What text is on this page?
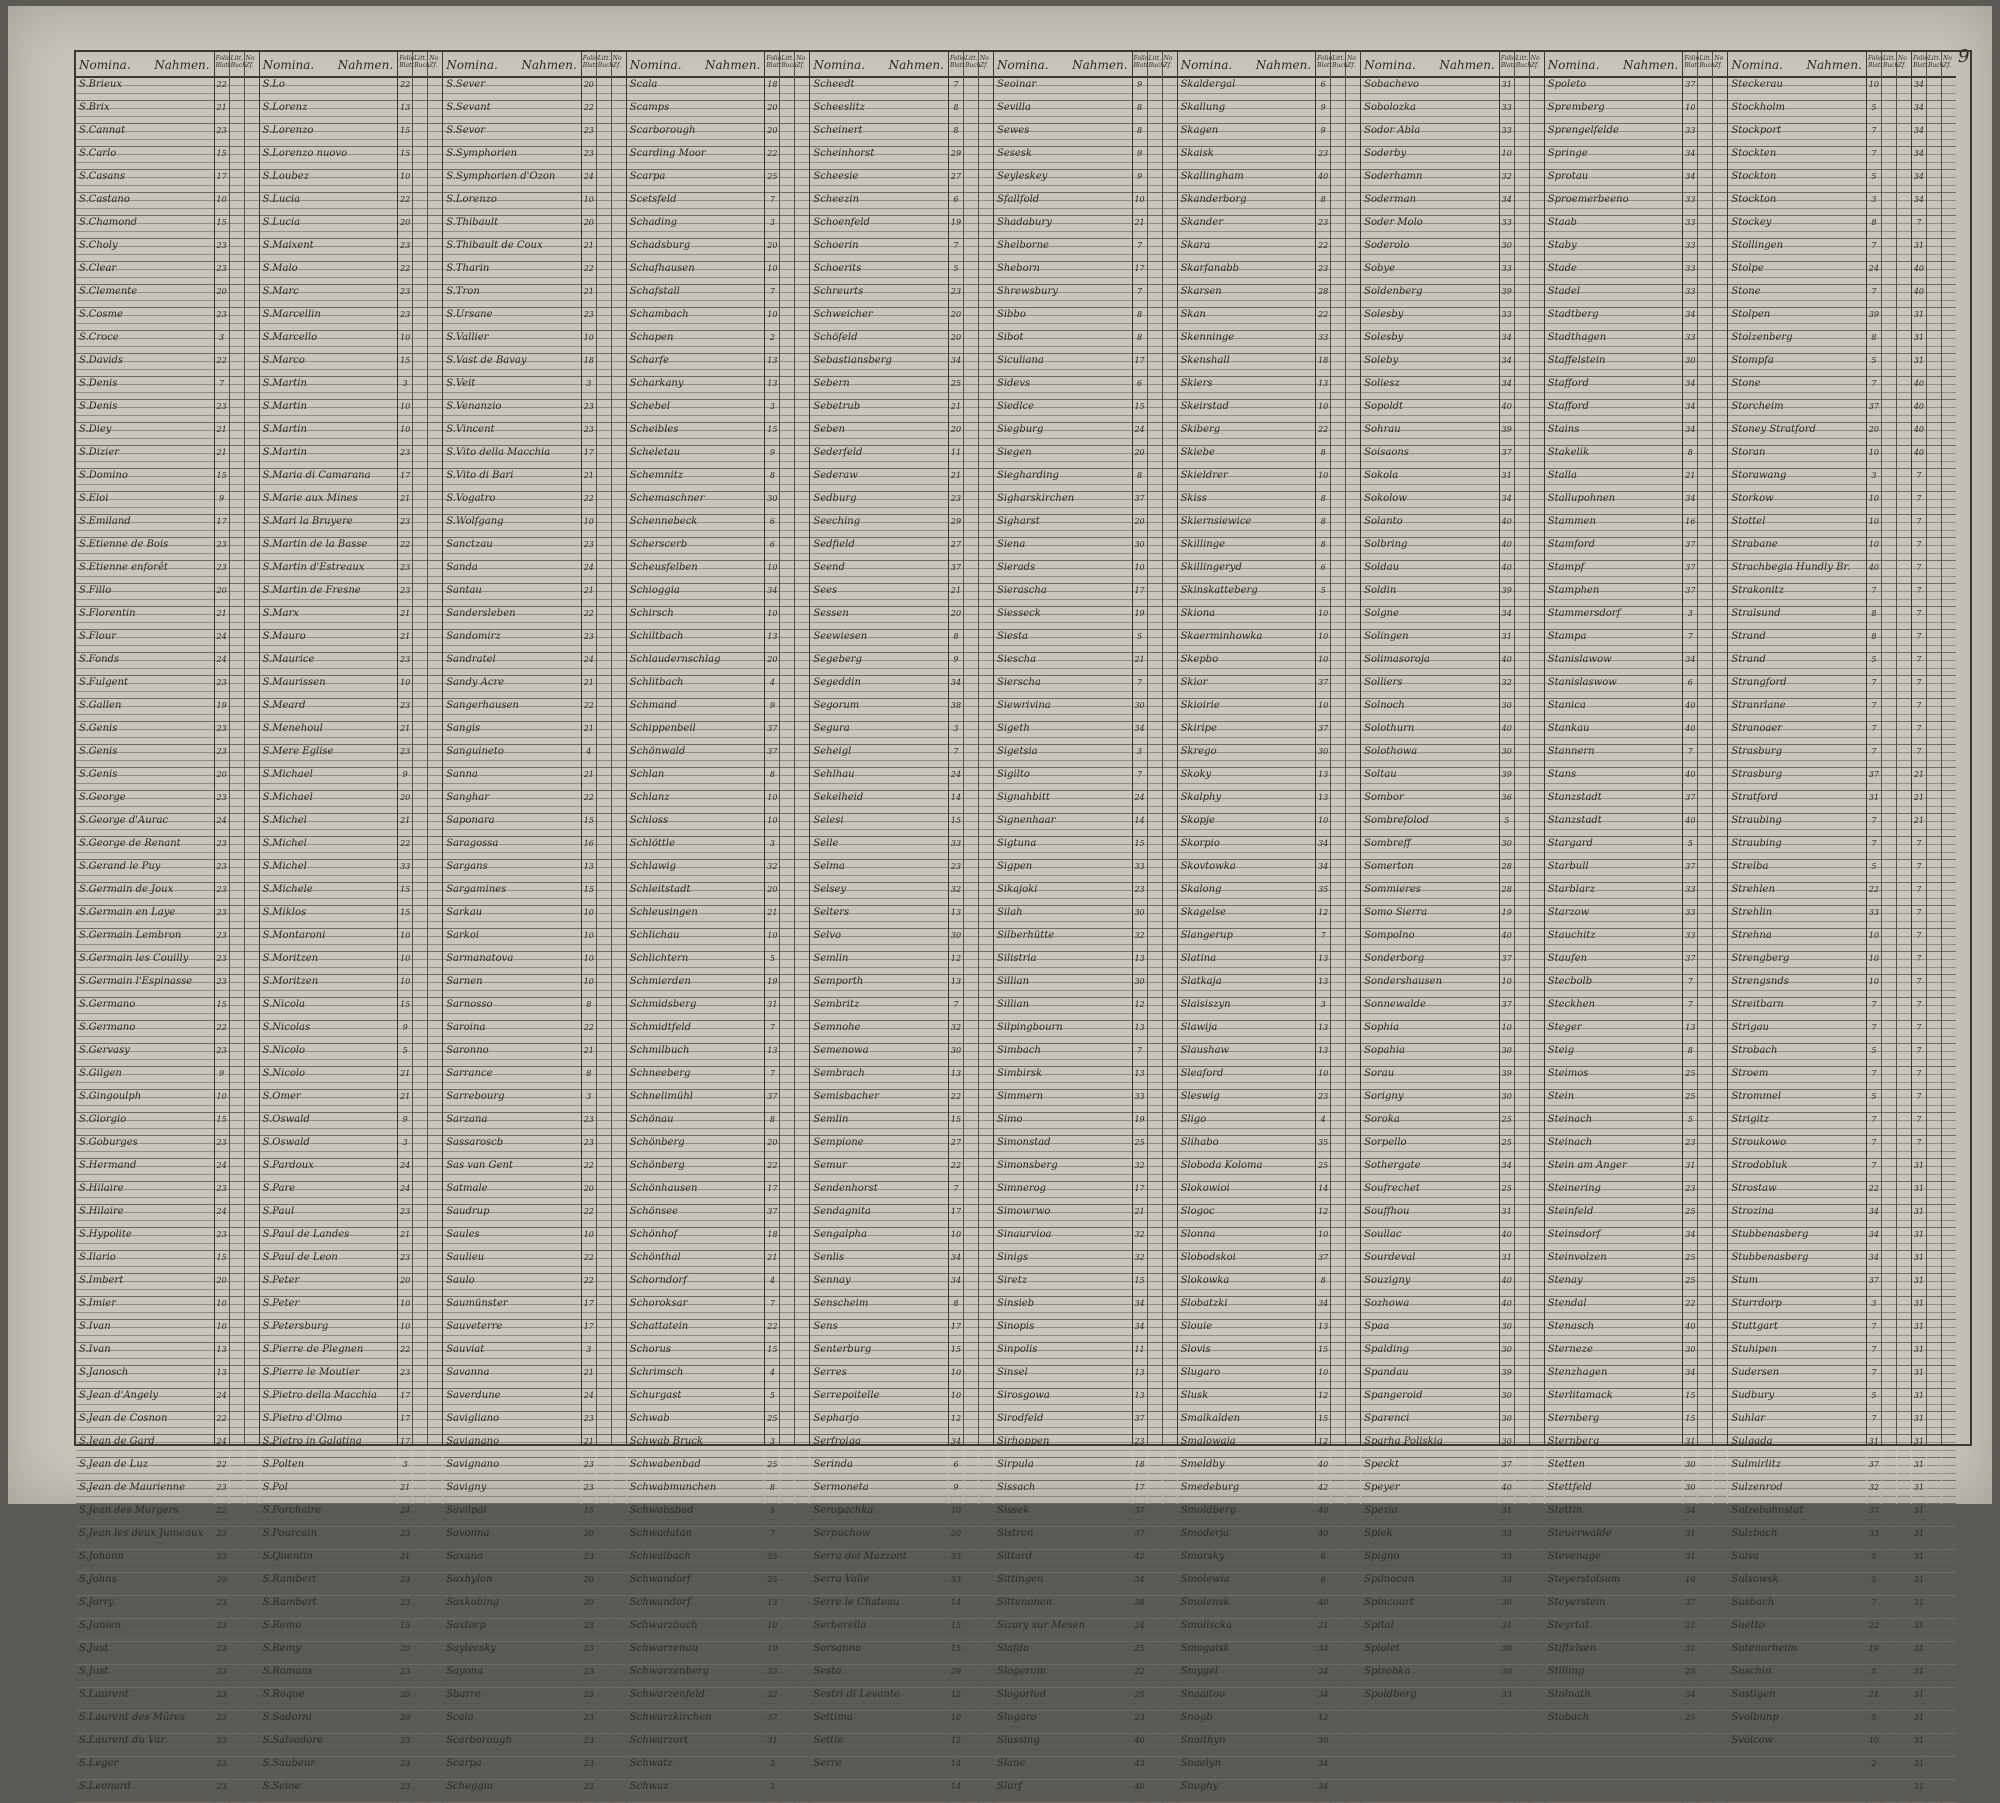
9
Nomina. Nahmen.
S.Brieux
S.Brix
S.Cannat
S.Carlo
S.Casans
S.Castano
S.Chamond
S.Choly
S.Clear
S.Clemente
S.Cosme
S.Croce
S.Davids
S.Denis
S.Denis
S.Diey
S.Dizier
S.Domino
S.Eloi
S.Emiland
S.Etienne de Bois
S.Etienne enforêt
S.Fillo
S.Florentin
S.Flour
S.Fonds
S.Fulgent
S.Gallen
S.Genis
S.Genis
S.Genis
S.George
S.George d'Aurac
S.George de Renant
S.Gerand le Puy
S.Germain de Joux
S.Germain en Laye
S.Germain Lembron
S.Germain les Couilly
S.Germain l'Espinasse
S.Germano
S.Germano
S.Gervasy
S.Gilgen
S.Gingoulph
S.Giorgio
S.Goburges
S.Hermand
S.Hilaire
S.Hilaire
S.Hypolite
S.Ilario
S.Imbert
S.Imier
S.Ivan
S.Ivan
S.Janosch
S.Jean d'Angely
S.Jean de Cosnon
S.Jean de Gard
S.Jean de Luz
S.Jean de Maurienne
S.Jean des Murgers
S.Jean les deux Jumeaux
S.Johann
S.Johns
S.Jorry
S.Junien
S.Just
S.Just
S.Laurent
S.Laurent des Mûres
S.Laurent du Var
S.Leger
S.Leonard
Folio Blatt
22
21
23
15
17
10
15
23
23
20
23
3
22
7
23
21
21
15
9
17
23
23
20
21
24
24
23
19
23
23
20
23
24
23
23
23
23
23
23
23
15
22
23
9
10
15
23
24
23
24
23
15
20
10
10
13
13
24
22
24
22
23
22
23
23
20
23
23
23
23
23
23
23
23
23
Litt. Buch
No Zf. Nomina. Nahmen.
S.Lo
S.Lorenz
S.Lorenzo
S.Lorenzo nuovo
S.Loubez
S.Lucia
S.Lucia
S.Maixent
S.Malo
S.Marc
S.Marcellin
S.Marcello
S.Marco
S.Martin
S.Martin
S.Martin
S.Martin
S.Maria di Camarana
S.Marie aux Mines
S.Mari la Bruyere
S.Martin de la Basse
S.Martin d'Estreaux
S.Martin de Fresne
S.Marx
S.Mauro
S.Maurice
S.Maurissen
S.Meard
S.Menehoul
S.Mere Eglise
S.Michael
S.Michael
S.Michel
S.Michel
S.Michel
S.Michele
S.Miklos
S.Montaroni
S.Moritzen
S.Moritzen
S.Nicola
S.Nicolas
S.Nicolo
S.Nicolo
S.Omer
S.Oswald
S.Oswald
S.Pardoux
S.Pare
S.Paul
S.Paul de Landes
S.Paul de Leon
S.Peter
S.Peter
S.Petersburg
S.Pierre de Plegnen
S.Pierre le Moutier
S.Pietro della Macchia
S.Pietro d'Olmo
S.Pietro in Galatina
S.Polten
S.Pol
S.Porchaire
S.Pourcain
S.Quentin
S.Rambert
S.Rambert
S.Remo
S.Remy
S.Romans
S.Roque
S.Sadorni
S.Salvadore
S.Saubeur
S.Seine
Folio Blatt
22
13
15
15
10
22
20
23
22
23
23
10
15
3
10
10
23
17
21
23
22
23
23
21
21
23
10
23
21
23
9
20
21
22
33
15
15
10
10
10
15
9
5
21
21
9
3
24
24
23
21
23
20
10
10
22
23
17
17
17
3
21
24
23
21
23
23
15
20
23
20
20
23
23
23
Litt. Buch
No Zf. Nomina. Nahmen.
S.Sever
S.Sevant
S.Sevor
S.Symphorien
S.Symphorien d'Ozon
S.Lorenzo
S.Thibault
S.Thibault de Coux
S.Tharin
S.Tron
S.Ursane
S.Vallier
S.Vast de Bavay
S.Veit
S.Venanzio
S.Vincent
S.Vito della Macchia
S.Vito di Bari
S.Vogatro
S.Wolfgang
Sanctzau
Sanda
Santau
Sandersleben
Sandomirz
Sandratel
Sandy Acre
Sangerhausen
Sangis
Sanguineto
Sanna
Sanghar
Saponara
Saragossa
Sargans
Sargamines
Sarkau
Sarkoi
Sarmanatova
Sarnen
Sarnosso
Saroina
Saronno
Sarrance
Sarrebourg
Sarzana
Sassaroscb
Sas van Gent
Satmale
Saudrup
Saules
Saulieu
Saulo
Saumünster
Sauveterre
Sauviat
Savanna
Saverdune
Savigliano
Savignano
Savignano
Savigny
Savilpal
Savonna
Saxana
Saxhylon
Saxkobing
Saxtorp
Saylecsky
Sayona
Sbarre
Scala
Scarborough
Scarpa
Scheggia
Folio Blatt
20
22
23
23
24
10
20
21
22
21
23
10
18
3
23
23
17
21
22
10
23
24
21
22
23
24
21
22
21
4
21
22
15
16
13
15
10
10
10
10
8
22
21
8
3
23
23
22
20
22
10
22
22
17
17
3
21
24
23
21
23
23
15
20
23
20
20
23
23
23
23
23
23
23
23
Litt. Buch
No Zf. Nomina. Nahmen.
Scala
Scamps
Scarborough
Scarding Moor
Scarpa
Scetsfeld
Schading
Schadsburg
Schafhausen
Schafstall
Schambach
Schapen
Scharfe
Scharkany
Schebel
Scheibles
Scheletau
Schemnitz
Schemaschner
Schennebeck
Scherscerb
Scheusfelben
Schioggia
Schirsch
Schiltbach
Schlaudernschlag
Schlitbach
Schmand
Schippenbeil
Schönwald
Schlan
Schlanz
Schloss
Schlöttle
Schlawig
Schleitstadt
Schleusingen
Schlichau
Schlichtern
Schmierden
Schmidsberg
Schmidtfeld
Schmilbuch
Schneeberg
Schnelimühl
Schönau
Schönberg
Schönberg
Schönhausen
Schönsee
Schönhof
Schönthal
Schorndorf
Schoroksar
Schattatein
Schorus
Schrimsch
Schurgast
Schwab
Schwab Bruck
Schwabenbad
Schwabmunchen
Schwabsbad
Schwadatan
Schwalbach
Schwandorf
Schwandorf
Schwarzbach
Schwarzenau
Schwarzenberg
Schwarzenfeld
Schwarzkirchen
Schwarzort
Schwatz
Schwaz
Folio Blatt
18
20
20
22
25
7
3
20
10
7
10
2
13
13
3
15
9
8
30
6
6
10
34
10
13
20
4
9
37
37
8
10
10
3
32
20
21
10
5
19
31
7
13
7
37
8
20
22
17
37
18
21
4
7
22
15
4
5
25
3
25
8
5
7
25
25
13
10
19
33
32
37
31
3
3
Litt. Buch
No Zf. Nomina. Nahmen.
Scheedt
Scheeslitz
Scheinert
Scheinhorst
Scheesie
Scheezin
Schoenfeld
Schoerin
Schoerits
Schreurts
Schweicher
Schöfeld
Sebastiansberg
Sebern
Sebetrub
Seben
Sederfeld
Sederaw
Sedburg
Seeching
Sedfield
Seend
Sees
Sessen
Seewiesen
Segeberg
Segeddin
Segorum
Segura
Seheigl
Sehlhau
Sekelheid
Selesi
Selle
Selma
Selsey
Selters
Selvo
Semlin
Semporth
Sembritz
Semnohe
Semenowa
Sembrach
Semisbacher
Semlin
Sempione
Semur
Sendenhorst
Sendagnita
Sengalpha
Senlis
Sennay
Senscheim
Sens
Senterburg
Serres
Serrepoitelle
Sepharjo
Serfroiga
Serinda
Sermoneta
Seropachka
Serpuchow
Serra del Mazzont
Serra Valle
Serre le Chateau
Serberella
Sorsanno
Sesto
Sestri di Levante
Settima
Settle
Serre
Folio Blatt
7
8
8
29
27
6
19
7
5
23
20
20
34
25
21
20
11
21
23
29
27
37
21
20
8
9
34
38
3
7
24
14
15
33
23
32
13
30
12
13
7
32
30
13
22
15
27
22
7
17
10
34
34
8
17
15
10
10
12
34
6
9
10
20
33
33
14
15
15
29
12
10
12
14
14
Litt. Buch
No Zf. Nomina. Nahmen.
Seoinar
Sevilla
Sewes
Sesesk
Seyleskey
Sfallfold
Shadabury
Shelborne
Sheborn
Shrewsbury
Sibbo
Sibot
Siculiana
Sidevs
Siedlce
Siegburg
Siegen
Siegharding
Sigharskirchen
Sigharst
Siena
Sierads
Sierascha
Siesseck
Siesta
Siescha
Sierscha
Siewrivina
Sigeth
Sigetsia
Sigilto
Signahbitt
Signenhaar
Sigtuna
Sigpen
Sikajoki
Silah
Silberhütte
Silistria
Sillian
Sillian
Silpingbourn
Simbach
Simbirsk
Simmern
Simo
Simonstad
Simonsberg
Simnerog
Simowrwo
Sinaurvioa
Sinigs
Siretz
Sinsieb
Sinopis
Sinpolis
Sinsel
Sirosgowa
Sirodfeld
Sirhoppen
Sirpula
Sissach
Sissek
Sistron
Sittard
Sittingen
Sittenonen
Sizary sur Mesen
Slafdo
Slogerum
Slogorlud
Slugaro
Slussing
Slane
Slurf
Folio Blatt
9
8
8
9
9
10
21
7
17
7
8
8
17
6
15
24
20
8
37
20
30
10
17
19
5
21
7
30
34
3
7
24
14
15
33
23
30
32
13
30
12
13
7
13
33
19
25
32
17
21
32
32
15
34
34
11
13
13
37
23
18
17
37
37
42
34
38
24
25
22
25
23
40
43
40
Litt. Buch
No Zf. Nomina. Nahmen.
Skaldergal
Skallung
Skagen
Skaisk
Skallingham
Skanderborg
Skander
Skara
Skarfanabb
Skarsen
Skan
Skenninge
Skenshall
Skiers
Skeirstad
Skiberg
Skiebe
Skieldrer
Skiss
Skiernsiewice
Skillinge
Skillingeryd
Skinskatteberg
Skiona
Skaerminhowka
Skepbo
Skior
Skioirie
Skiripe
Skrego
Skoky
Skalphy
Skopje
Skorpio
Skovtowka
Skalong
Skagelse
Slangerup
Slatina
Slatkaja
Slaisiszyn
Slawija
Slaushaw
Sleaford
Sleswig
Sligo
Slihabo
Sloboda Koloma
Slokowioi
Slogoc
Slonna
Slobodskoi
Slokowka
Slobatzki
Slouie
Slovis
Slugaro
Slusk
Smalkalden
Smalowaja
Smeldby
Smedeburg
Smoldberg
Smoderja
Smorsky
Smolewia
Smolensk
Smoliscka
Smogaisk
Smygel
Snaaitoo
Snogb
Snoithyn
Snaelyn
Snoghy
Folio Blatt
6
9
9
23
40
8
23
22
23
28
22
33
18
13
10
22
8
10
8
8
8
6
5
10
10
10
37
10
37
30
13
13
10
34
34
35
12
7
13
13
3
13
13
10
23
4
35
25
14
12
10
37
8
34
13
15
10
12
15
12
40
42
40
40
6
6
40
21
34
24
34
12
30
34
34
Litt. Buch
No Zf. Nomina. Nahmen.
Sobachevo
Sobolozka
Sodor Abla
Soderby
Soderhamn
Soderman
Soder Molo
Soderolo
Sobye
Soldenberg
Solesby
Solesby
Soleby
Soliesz
Sopoldt
Sohrau
Soisaons
Sokola
Sokolow
Solanto
Solbring
Soldau
Soldin
Solgne
Solingen
Solimasoroja
Solliers
Solnoch
Solothurn
Solothowa
Soltau
Sombor
Sombrefolod
Sombreff
Somerton
Sommieres
Somo Sierra
Sompolno
Sonderborg
Sondershausen
Sonnewalde
Sophia
Sopahia
Sorau
Sorigny
Soroka
Sorpello
Sothergate
Soufrechet
Souffhou
Soullac
Sourdeval
Souzigny
Sozhowa
Spaa
Spalding
Spandau
Spangeroid
Sparenci
Sparha Poliskia
Speckt
Speyer
Spezia
Spiek
Spigno
Spilnocan
Spincourt
Spital
Spiolet
Spizobka
Spoldberg
Folio Blatt
31
33
33
10
32
34
33
30
33
39
33
34
34
34
40
39
37
31
34
40
40
40
39
34
31
40
32
30
40
30
39
36
5
30
28
28
19
40
37
10
37
10
30
39
30
25
25
34
25
31
40
31
40
40
30
30
39
30
30
30
37
40
31
33
33
33
30
31
30
30
33
Litt. Buch
No Zf. Nomina. Nahmen.
Spoleto
Spremberg
Sprengelfelde
Springe
Sprotau
Sproemerbeeno
Staab
Staby
Stade
Stadel
Stadtberg
Stadthagen
Staffelstein
Stafford
Stafford
Stains
Stakelik
Stalla
Stallupohnen
Stammen
Stamford
Stampf
Stamphen
Stammersdorf
Stampa
Stanislawow
Stanislaswow
Stanica
Stankau
Stannern
Stans
Stanzstadt
Stanzstadt
Stargard
Starbull
Starblarz
Starzow
Stauchitz
Staufen
Stecbolb
Steckhen
Steger
Steig
Steimos
Stein
Steinach
Steinach
Stein am Anger
Steinering
Steinfeld
Steinsdorf
Steinvolzen
Stenay
Stendal
Stenasch
Sterneze
Stenzhagen
Sterlitamack
Sternberg
Sternberg
Stetten
Stettfeld
Stettin
Steuerwalde
Stevenage
Steyerstolsum
Steyerstein
Steyrtat
Stiftelsen
Stilling
Stolnath
Stobach
Folio Blatt
37
10
33
34
34
33
33
33
33
33
34
33
30
34
34
34
8
21
34
16
37
37
37
3
7
34
6
40
40
7
40
37
40
5
37
33
33
33
37
7
7
13
8
25
25
5
23
31
23
25
34
25
25
22
40
30
34
15
15
31
30
30
34
31
31
10
37
21
31
25
34
25
Litt. Buch
No Zf. Nomina. Nahmen.
Steckerau
Stockholm
Stockport
Stockten
Stockton
Stockton
Stockey
Stollingen
Stolpe
Stone
Stolpen
Stolzenberg
Stompfa
Stone
Storcheim
Stoney Stratford
Storan
Storawang
Storkow
Stottel
Strabane
Strachbegia Hundly Br.
Strakonitz
Stralsund
Strand
Strand
Strangford
Stranrlane
Stranoaer
Strasburg
Strasburg
Stratford
Straubing
Straubing
Strelba
Strehlen
Strehlin
Strehna
Strengberg
Strengsnds
Streitbarn
Strigau
Strobach
Stroem
Strommel
Strigitz
Stroukowo
Strodobluk
Strostaw
Strozina
Stubbenasberg
Stubbenasberg
Stum
Sturrdorp
Stuttgart
Stuhipen
Sudersen
Sudbury
Suhlar
Sulgada
Sulmirlitz
Sulzenrod
Sulzebohnstat
Sulzbach
Sulsa
Sulsowsk
Susbach
Suetto
Sutenorheim
Suschin
Sustigen
Svolbunp
Svolcow
Folio Blatt
10
5
7
7
5
3
8
7
24
7
39
8
5
7
37
20
10
3
10
10
10
40
7
8
8
5
7
7
7
7
37
31
7
7
5
22
33
10
10
10
7
7
5
7
5
7
7
7
22
34
34
34
37
3
7
7
7
5
7
31
37
32
37
33
5
5
7
22
19
5
21
5
10
2
Litt. Buch
No Zf.
Folio Blatt
34
34
34
34
34
34
7
31
40
40
31
31
31
40
40
40
40
7
7
7
7
7
7
7
7
7
7
7
7
7
21
21
21
7
7
7
7
7
7
7
7
7
7
7
7
7
7
31
31
31
31
31
31
31
31
31
31
31
31
31
31
31
31
31
31
31
31
31
31
31
31
31
31
31
31
Litt. Buch
No Zf.
